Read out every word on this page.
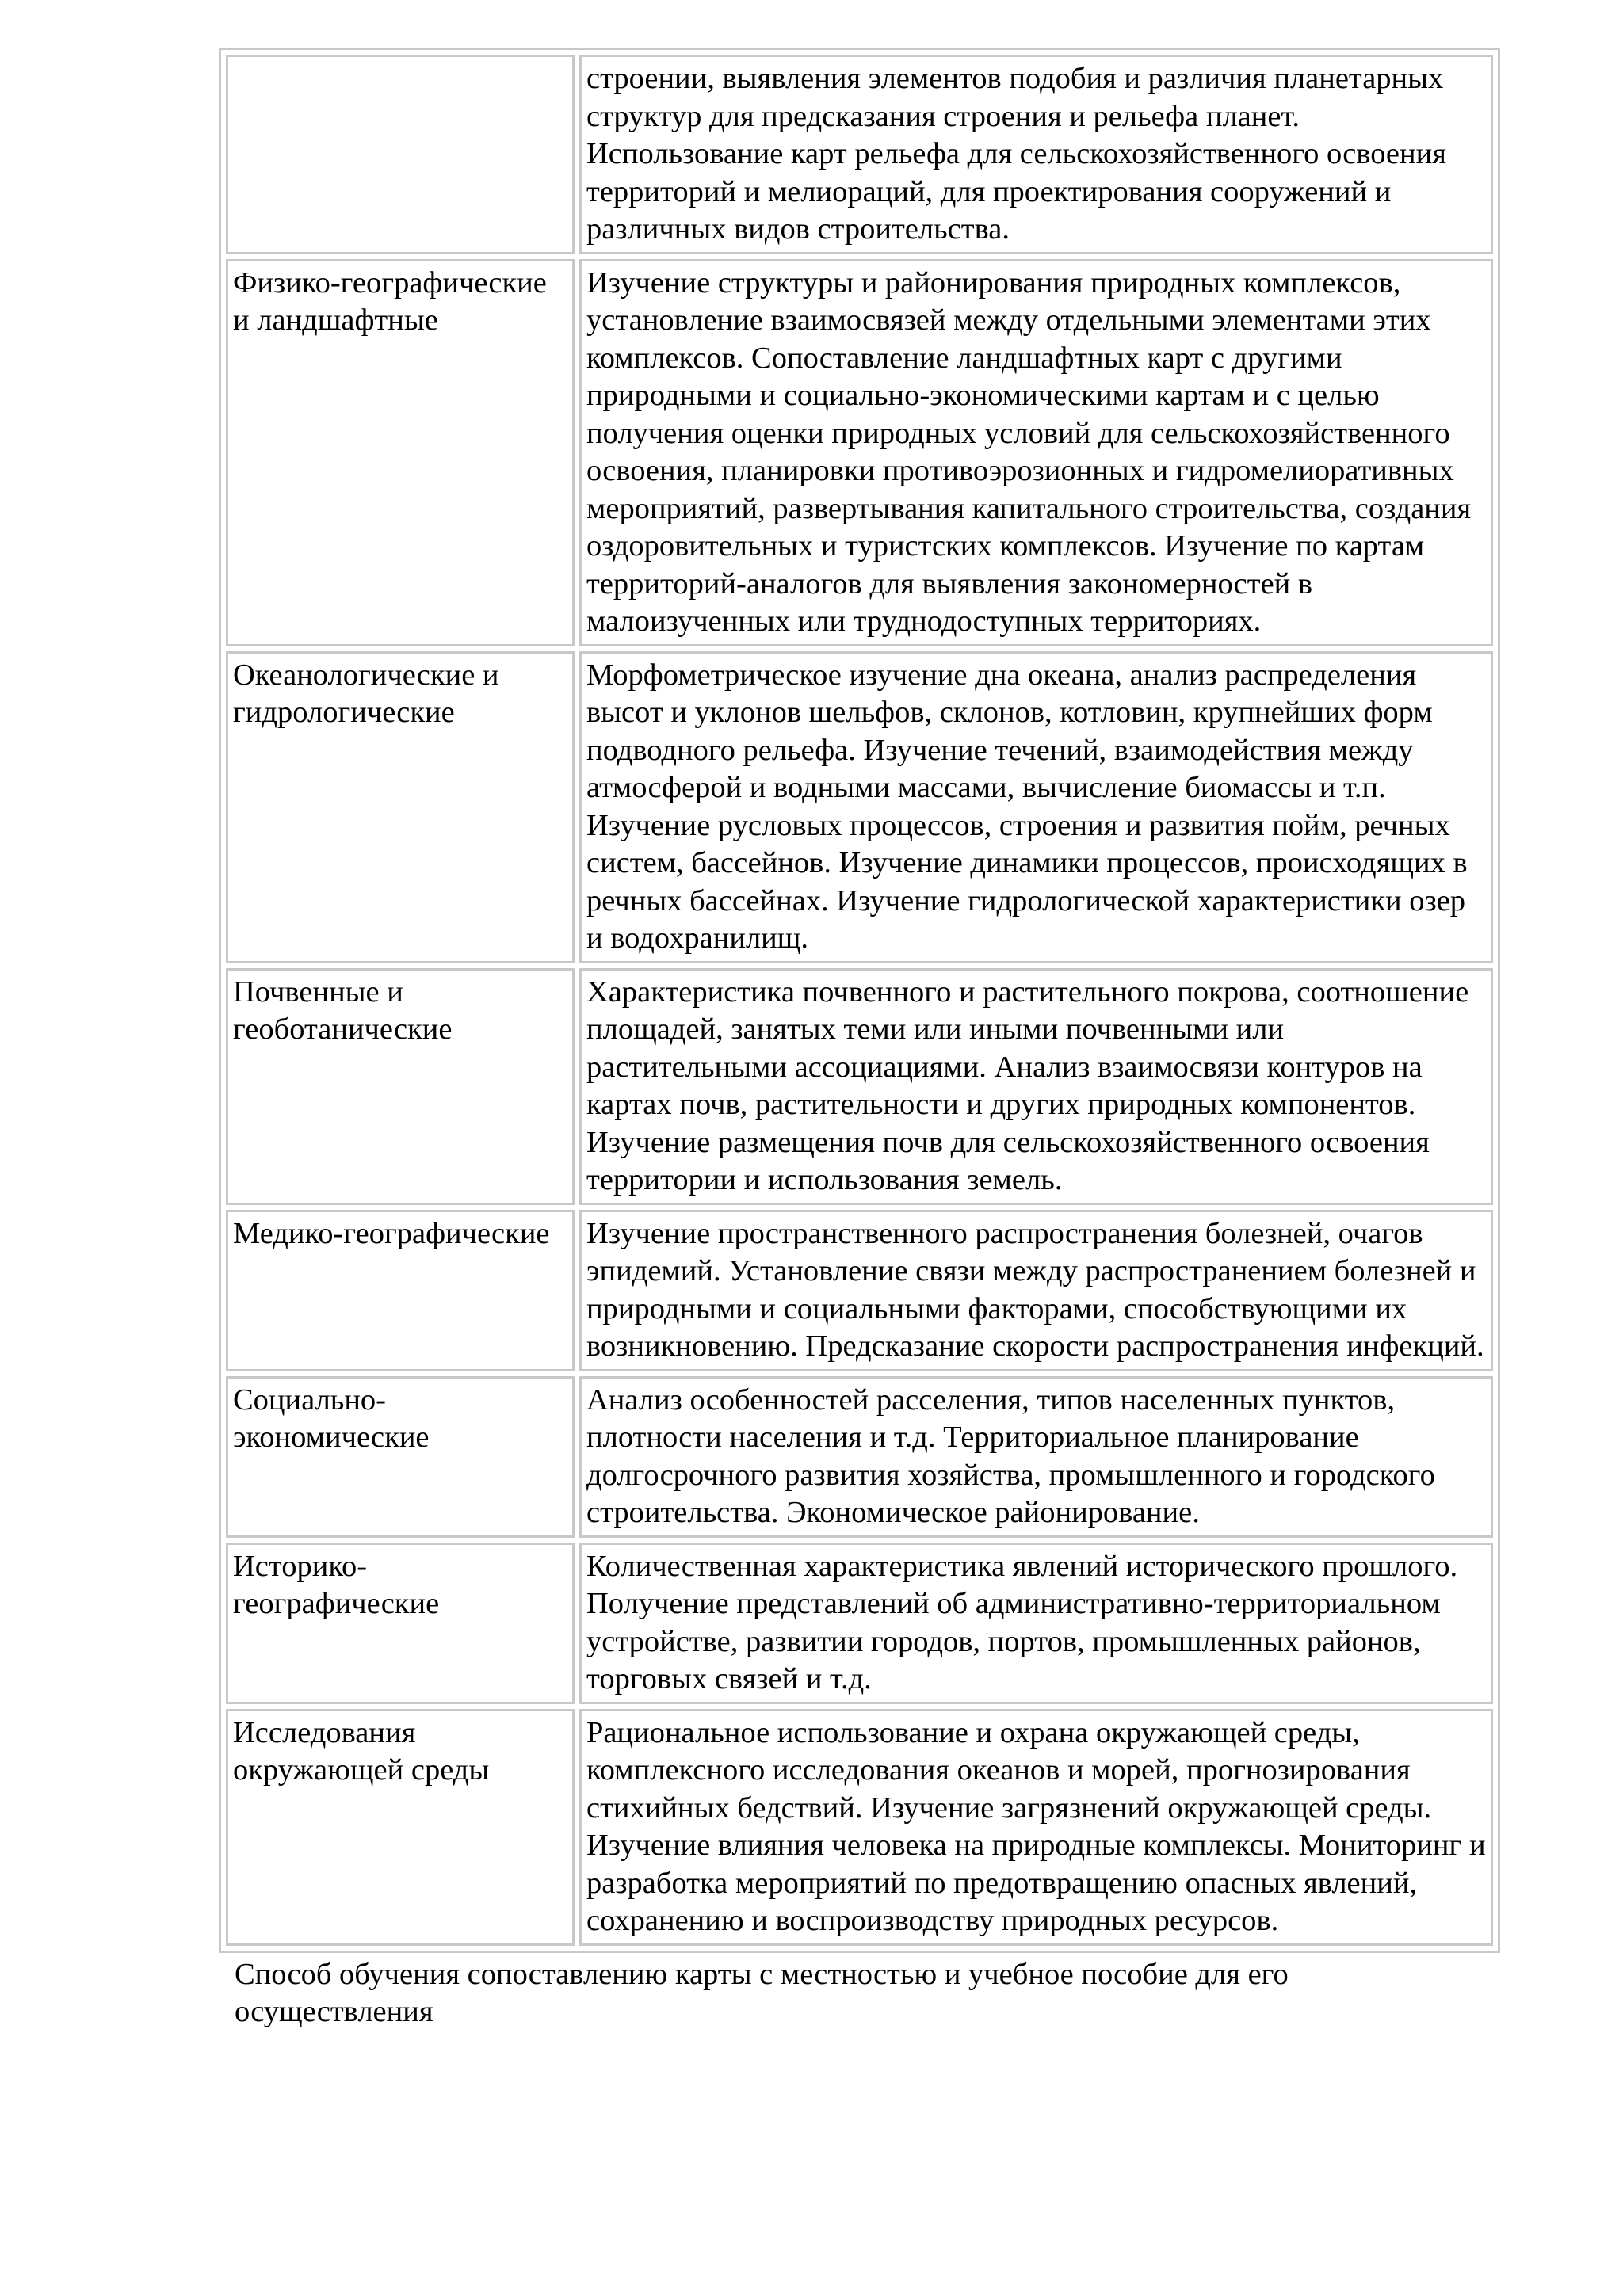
	строении, выявления элементов подобия и различия планетарных структур для предсказания строения и рельефа планет. Использование карт рельефа для сельскохозяйственного освоения территорий и мелиораций, для проектирования сооружений и различных видов строительства.
Физико-географические и ландшафтные	Изучение структуры и районирования природных комплексов, установление взаимосвязей между отдельными элементами этих комплексов. Сопоставление ландшафтных карт с другими природными и социально-экономическими картам и с целью получения оценки природных условий для сельскохозяйственного освоения, планировки противоэрозионных и гидромелиоративных мероприятий, развертывания капитального строительства, создания оздоровительных и туристских комплексов. Изучение по картам территорий-аналогов для выявления закономерностей в малоизученных или труднодоступных территориях.
Океанологические и гидрологические	Морфометрическое изучение дна океана, анализ распределения высот и уклонов шельфов, склонов, котловин, крупнейших форм подводного рельефа. Изучение течений, взаимодействия между атмосферой и водными массами, вычисление биомассы и т.п. Изучение русловых процессов, строения и развития пойм, речных систем, бассейнов. Изучение динамики процессов, происходящих в речных бассейнах. Изучение гидрологической характеристики озер и водохранилищ.
Почвенные и геоботанические	Характеристика почвенного и растительного покрова, соотношение площадей, занятых теми или иными почвенными или растительными ассоциациями. Анализ взаимосвязи контуров на картах почв, растительности и других природных компонентов. Изучение размещения почв для сельскохозяйственного освоения территории и использования земель.
Медико-географические	Изучение пространственного распространения болезней, очагов эпидемий. Установление связи между распространением болезней и природными и социальными факторами, способствующими их возникновению. Предсказание скорости распространения инфекций.
Социально-экономические	Анализ особенностей расселения, типов населенных пунктов, плотности населения и т.д. Территориальное планирование долгосрочного развития хозяйства, промышленного и городского строительства. Экономическое районирование.
Историко-географические	Количественная характеристика явлений исторического прошлого. Получение представлений об административно-территориальном устройстве, развитии городов, портов, промышленных районов, торговых связей и т.д.
Исследования окружающей среды	Рациональное использование и охрана окружающей среды, комплексного исследования океанов и морей, прогнозирования стихийных бедствий. Изучение загрязнений окружающей среды. Изучение влияния человека на природные комплексы. Мониторинг и разработка мероприятий по предотвращению опасных явлений, сохранению и воспроизводству природных ресурсов.
Способ обучения сопоставлению карты с местностью и учебное пособие для его осуществления
